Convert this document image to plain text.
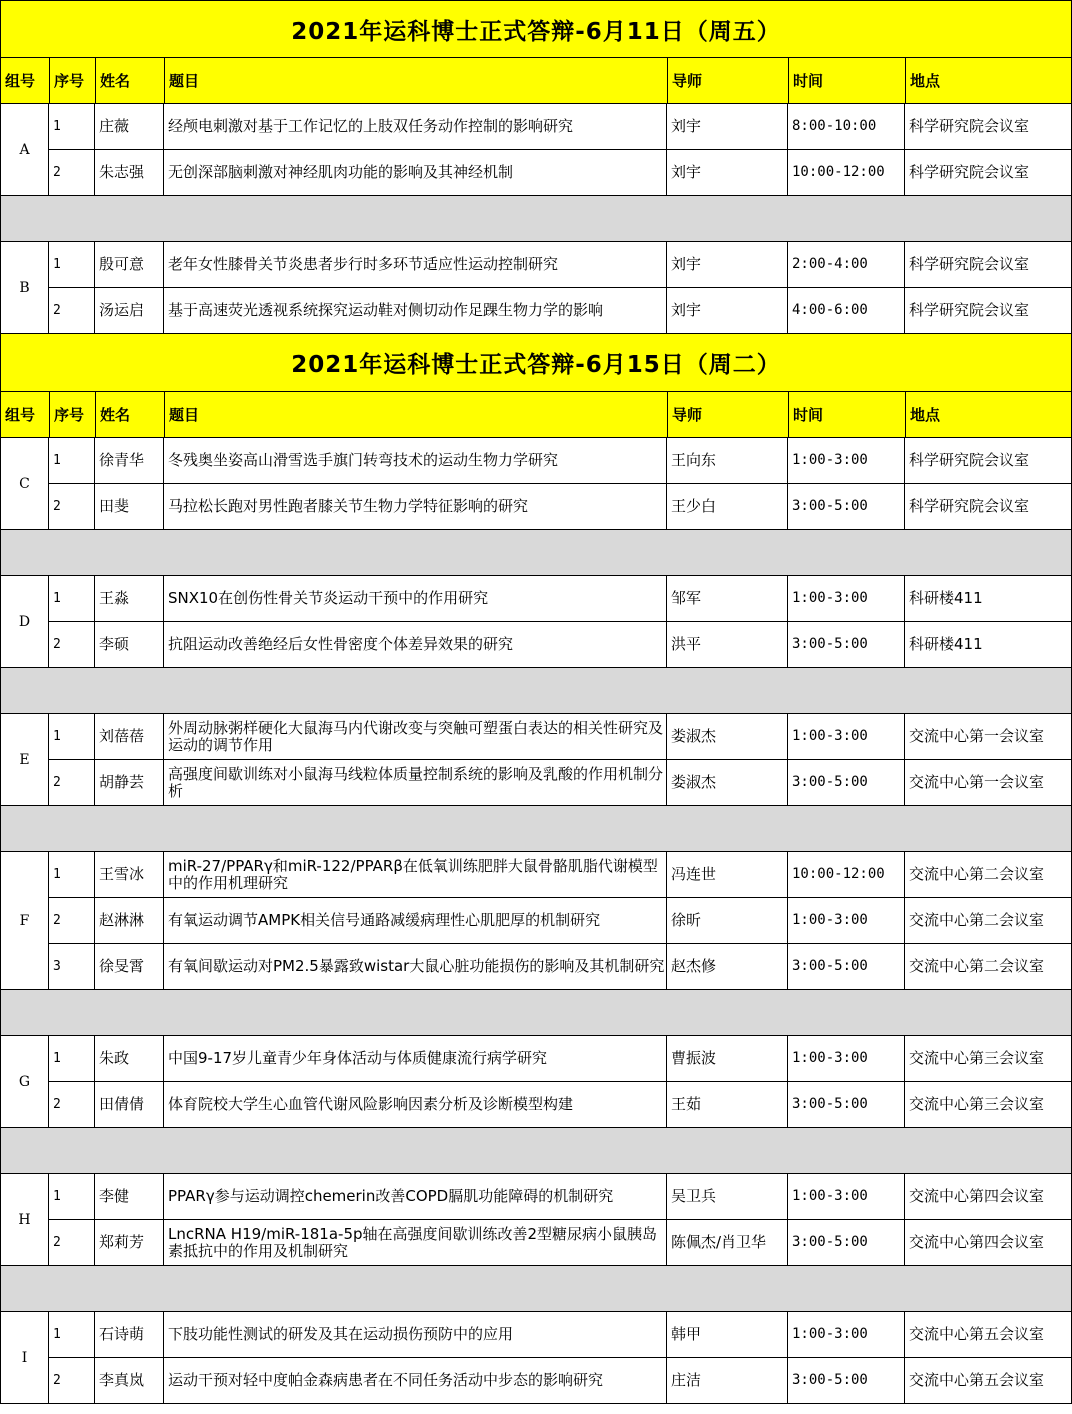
2021年运科博士正式答辩-6月11日（周五）
组号	序号	姓名	题目	导师	时间	地点
A
1	庄薇	经颅电刺激对基于工作记忆的上肢双任务动作控制的影响研究	刘宇	8:00-10:00	科学研究院会议室
2	朱志强	无创深部脑刺激对神经肌肉功能的影响及其神经机制	刘宇	10:00-12:00	科学研究院会议室
B
1	殷可意	老年女性膝骨关节炎患者步行时多环节适应性运动控制研究	刘宇	2:00-4:00	科学研究院会议室
2	汤运启	基于高速荧光透视系统探究运动鞋对侧切动作足踝生物力学的影响	刘宇	4:00-6:00	科学研究院会议室
2021年运科博士正式答辩-6月15日（周二）
组号	序号	姓名	题目	导师	时间	地点
C
1	徐青华	冬残奥坐姿高山滑雪选手旗门转弯技术的运动生物力学研究	王向东	1:00-3:00	科学研究院会议室
2	田斐	马拉松长跑对男性跑者膝关节生物力学特征影响的研究	王少白	3:00-5:00	科学研究院会议室
D
1	王淼	SNX10在创伤性骨关节炎运动干预中的作用研究	邹军	1:00-3:00	科研楼411
2	李硕	抗阻运动改善绝经后女性骨密度个体差异效果的研究	洪平	3:00-5:00	科研楼411
E
1	刘蓓蓓	外周动脉粥样硬化大鼠海马内代谢改变与突触可塑蛋白表达的相关性研究及运动的调节作用	娄淑杰	1:00-3:00	交流中心第一会议室
2	胡静芸	高强度间歇训练对小鼠海马线粒体质量控制系统的影响及乳酸的作用机制分析	娄淑杰	3:00-5:00	交流中心第一会议室
F
1	王雪冰	miR-27/PPARγ和miR-122/PPARβ在低氧训练肥胖大鼠骨骼肌脂代谢模型中的作用机理研究	冯连世	10:00-12:00	交流中心第二会议室
2	赵淋淋	有氧运动调节AMPK相关信号通路减缓病理性心肌肥厚的机制研究	徐昕	1:00-3:00	交流中心第二会议室
3	徐旻霄	有氧间歇运动对PM2.5暴露致wistar大鼠心脏功能损伤的影响及其机制研究 赵杰修	3:00-5:00	交流中心第二会议室
G
1	朱政	中国9-17岁儿童青少年身体活动与体质健康流行病学研究	曹振波	1:00-3:00	交流中心第三会议室
2	田倩倩	体育院校大学生心血管代谢风险影响因素分析及诊断模型构建	王茹	3:00-5:00	交流中心第三会议室
H
1	李健	PPARγ参与运动调控chemerin改善COPD膈肌功能障碍的机制研究	吴卫兵	1:00-3:00	交流中心第四会议室
2	郑莉芳	LncRNA H19/miR-181a-5p轴在高强度间歇训练改善2型糖尿病小鼠胰岛素抵抗中的作用及机制研究	陈佩杰/肖卫华	3:00-5:00	交流中心第四会议室
I
1	石诗萌	下肢功能性测试的研发及其在运动损伤预防中的应用	韩甲	1:00-3:00	交流中心第五会议室
2	李真岚	运动干预对轻中度帕金森病患者在不同任务活动中步态的影响研究	庄洁	3:00-5:00	交流中心第五会议室
